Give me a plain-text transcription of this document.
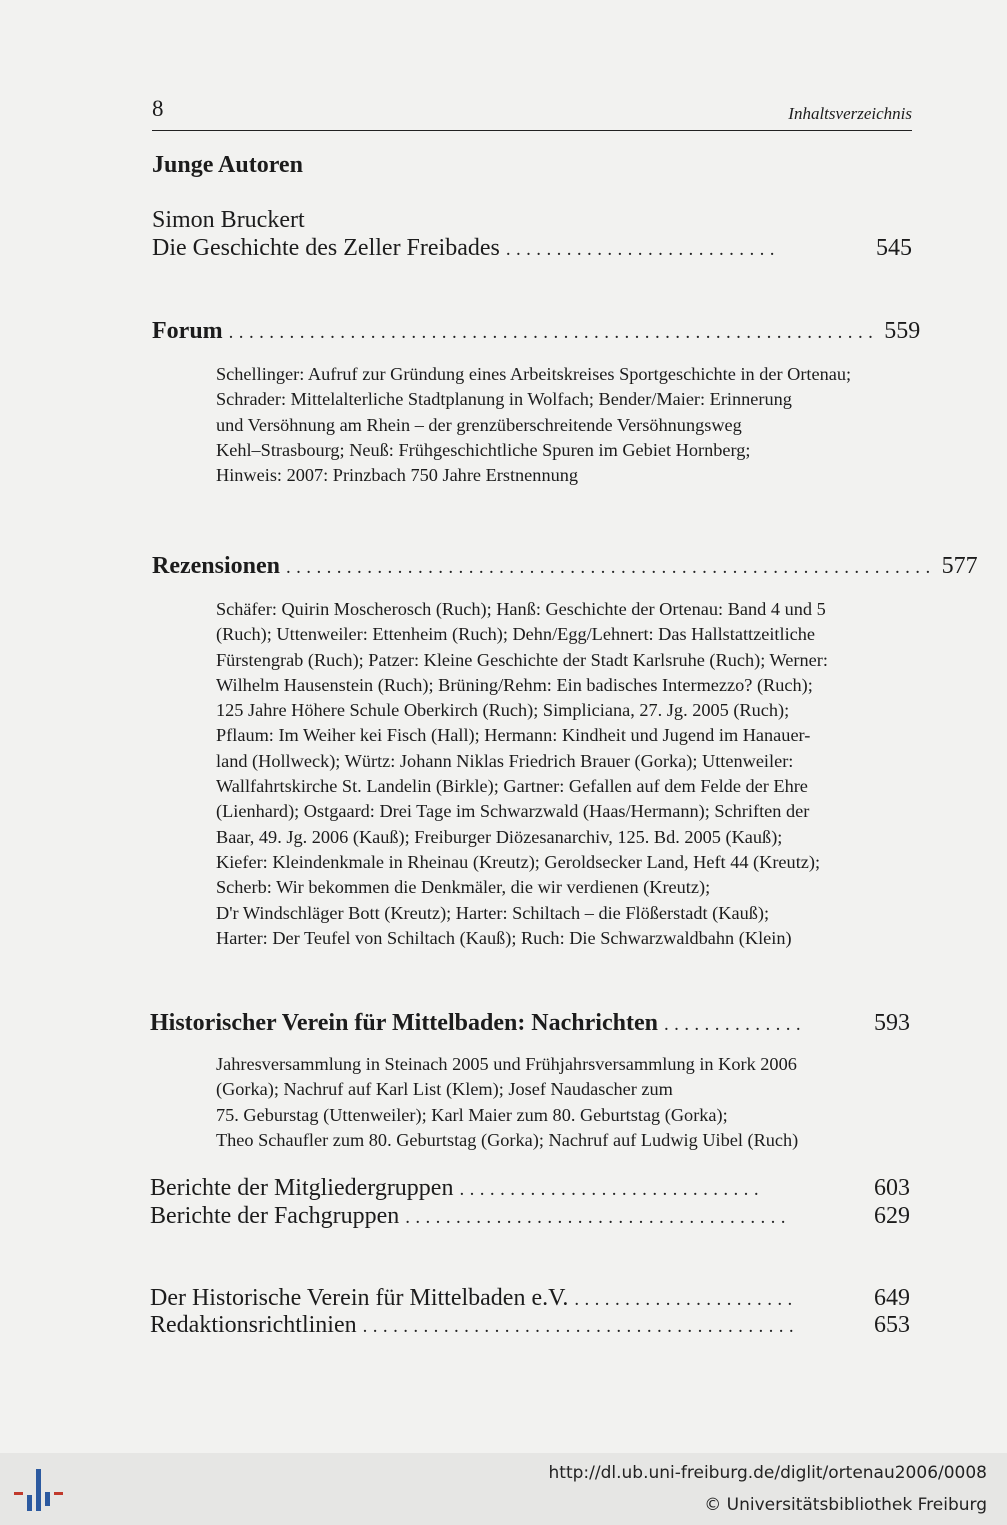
8	Inhaltsverzeichnis
Junge Autoren
Simon Bruckert
Die Geschichte des Zeller Freibades ...........................	545
Forum ................................................................ 559
Schellinger: Aufruf zur Gründung eines Arbeitskreises Sportgeschichte in der Ortenau;
Schrader: Mittelalterliche Stadtplanung in Wolfach; Bender/Maier: Erinnerung
und Versöhnung am Rhein – der grenzüberschreitende Versöhnungsweg
Kehl–Strasbourg; Neuß: Frühgeschichtliche Spuren im Gebiet Hornberg;
Hinweis: 2007: Prinzbach 750 Jahre Erstnennung
Rezensionen ................................................................ 577
Schäfer: Quirin Moscherosch (Ruch); Hanß: Geschichte der Ortenau: Band 4 und 5
(Ruch); Uttenweiler: Ettenheim (Ruch); Dehn/Egg/Lehnert: Das Hallstattzeitliche
Fürstengrab (Ruch); Patzer: Kleine Geschichte der Stadt Karlsruhe (Ruch); Werner:
Wilhelm Hausenstein (Ruch); Brüning/Rehm: Ein badisches Intermezzo? (Ruch);
125 Jahre Höhere Schule Oberkirch (Ruch); Simpliciana, 27. Jg. 2005 (Ruch);
Pflaum: Im Weiher kei Fisch (Hall); Hermann: Kindheit und Jugend im Hanauer-
land (Hollweck); Würtz: Johann Niklas Friedrich Brauer (Gorka); Uttenweiler:
Wallfahrtskirche St. Landelin (Birkle); Gartner: Gefallen auf dem Felde der Ehre
(Lienhard); Ostgaard: Drei Tage im Schwarzwald (Haas/Hermann); Schriften der
Baar, 49. Jg. 2006 (Kauß); Freiburger Diözesanarchiv, 125. Bd. 2005 (Kauß);
Kiefer: Kleindenkmale in Rheinau (Kreutz); Geroldsecker Land, Heft 44 (Kreutz);
Scherb: Wir bekommen die Denkmäler, die wir verdienen (Kreutz);
D'r Windschläger Bott (Kreutz); Harter: Schiltach – die Flößerstadt (Kauß);
Harter: Der Teufel von Schiltach (Kauß); Ruch: Die Schwarzwaldbahn (Klein)
Historischer Verein für Mittelbaden: Nachrichten ..............	593
Jahresversammlung in Steinach 2005 und Frühjahrsversammlung in Kork 2006
(Gorka); Nachruf auf Karl List (Klem); Josef Naudascher zum
75. Geburstag (Uttenweiler); Karl Maier zum 80. Geburtstag (Gorka);
Theo Schaufler zum 80. Geburtstag (Gorka); Nachruf auf Ludwig Uibel (Ruch)
Berichte der Mitgliedergruppen ..............................	603
Berichte der Fachgruppen ......................................	629
Der Historische Verein für Mittelbaden e.V. ......................	649
Redaktionsrichtlinien ...........................................	653
http://dl.ub.uni-freiburg.de/diglit/ortenau2006/0008
© Universitätsbibliothek Freiburg
